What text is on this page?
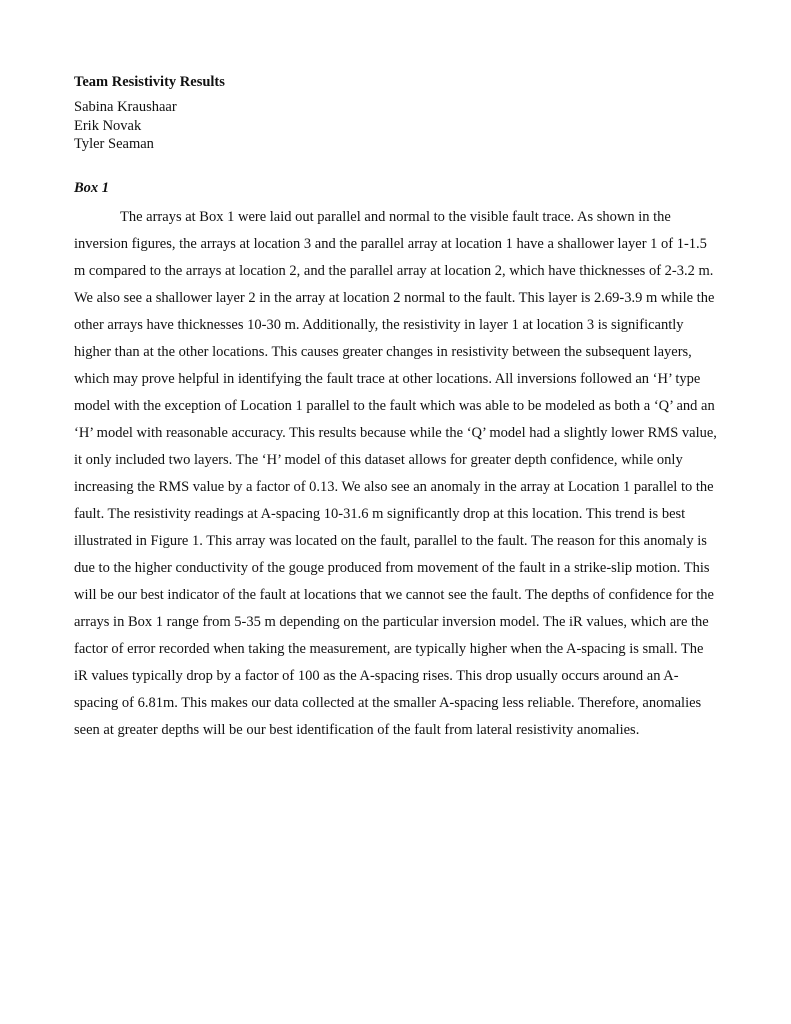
Team Resistivity Results
Sabina Kraushaar
Erik Novak
Tyler Seaman
Box 1

The arrays at Box 1 were laid out parallel and normal to the visible fault trace. As shown in the inversion figures, the arrays at location 3 and the parallel array at location 1 have a shallower layer 1 of 1-1.5 m compared to the arrays at location 2, and the parallel array at location 2, which have thicknesses of 2-3.2 m. We also see a shallower layer 2 in the array at location 2 normal to the fault. This layer is 2.69-3.9 m while the other arrays have thicknesses 10-30 m. Additionally, the resistivity in layer 1 at location 3 is significantly higher than at the other locations. This causes greater changes in resistivity between the subsequent layers, which may prove helpful in identifying the fault trace at other locations. All inversions followed an ‘H’ type model with the exception of Location 1 parallel to the fault which was able to be modeled as both a ‘Q’ and an ‘H’ model with reasonable accuracy. This results because while the ‘Q’ model had a slightly lower RMS value, it only included two layers. The ‘H’ model of this dataset allows for greater depth confidence, while only increasing the RMS value by a factor of 0.13. We also see an anomaly in the array at Location 1 parallel to the fault. The resistivity readings at A-spacing 10-31.6 m significantly drop at this location. This trend is best illustrated in Figure 1. This array was located on the fault, parallel to the fault. The reason for this anomaly is due to the higher conductivity of the gouge produced from movement of the fault in a strike-slip motion. This will be our best indicator of the fault at locations that we cannot see the fault. The depths of confidence for the arrays in Box 1 range from 5-35 m depending on the particular inversion model. The iR values, which are the factor of error recorded when taking the measurement, are typically higher when the A-spacing is small. The iR values typically drop by a factor of 100 as the A-spacing rises. This drop usually occurs around an A-spacing of 6.81m. This makes our data collected at the smaller A-spacing less reliable. Therefore, anomalies seen at greater depths will be our best identification of the fault from lateral resistivity anomalies.
